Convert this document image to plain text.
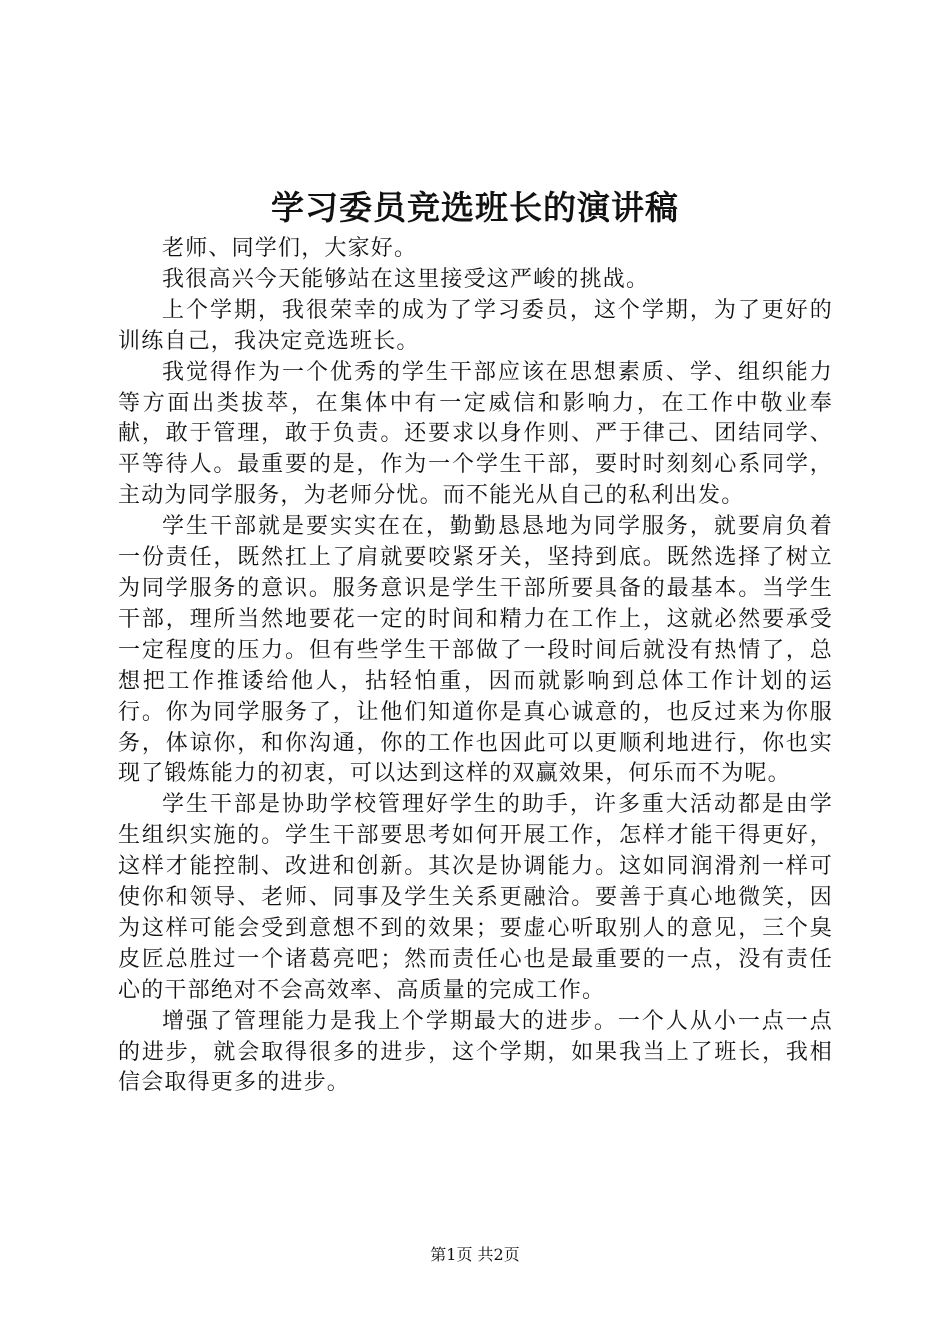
学习委员竞选班长的演讲稿

老师、同学们，大家好。

我很高兴今天能够站在这里接受这严峻的挑战。

上个学期，我很荣幸的成为了学习委员，这个学期，为了更好的训练自己，我决定竞选班长。

我觉得作为一个优秀的学生干部应该在思想素质、学、组织能力等方面出类拔萃，在集体中有一定威信和影响力，在工作中敬业奉献，敢于管理，敢于负责。还要求以身作则、严于律己、团结同学、平等待人。最重要的是，作为一个学生干部，要时时刻刻心系同学，主动为同学服务，为老师分忧。而不能光从自己的私利出发。

学生干部就是要实实在在，勤勤恳恳地为同学服务，就要肩负着一份责任，既然扛上了肩就要咬紧牙关，坚持到底。既然选择了树立为同学服务的意识。服务意识是学生干部所要具备的最基本。当学生干部，理所当然地要花一定的时间和精力在工作上，这就必然要承受一定程度的压力。但有些学生干部做了一段时间后就没有热情了，总想把工作推诿给他人，拈轻怕重，因而就影响到总体工作计划的运行。你为同学服务了，让他们知道你是真心诚意的，也反过来为你服务，体谅你，和你沟通，你的工作也因此可以更顺利地进行，你也实现了锻炼能力的初衷，可以达到这样的双赢效果，何乐而不为呢。

学生干部是协助学校管理好学生的助手，许多重大活动都是由学生组织实施的。学生干部要思考如何开展工作，怎样才能干得更好，这样才能控制、改进和创新。其次是协调能力。这如同润滑剂一样可使你和领导、老师、同事及学生关系更融洽。要善于真心地微笑，因为这样可能会受到意想不到的效果；要虚心听取别人的意见，三个臭皮匠总胜过一个诸葛亮吧；然而责任心也是最重要的一点，没有责任心的干部绝对不会高效率、高质量的完成工作。

增强了管理能力是我上个学期最大的进步。一个人从小一点一点的进步，就会取得很多的进步，这个学期，如果我当上了班长，我相信会取得更多的进步。

第1页 共2页
